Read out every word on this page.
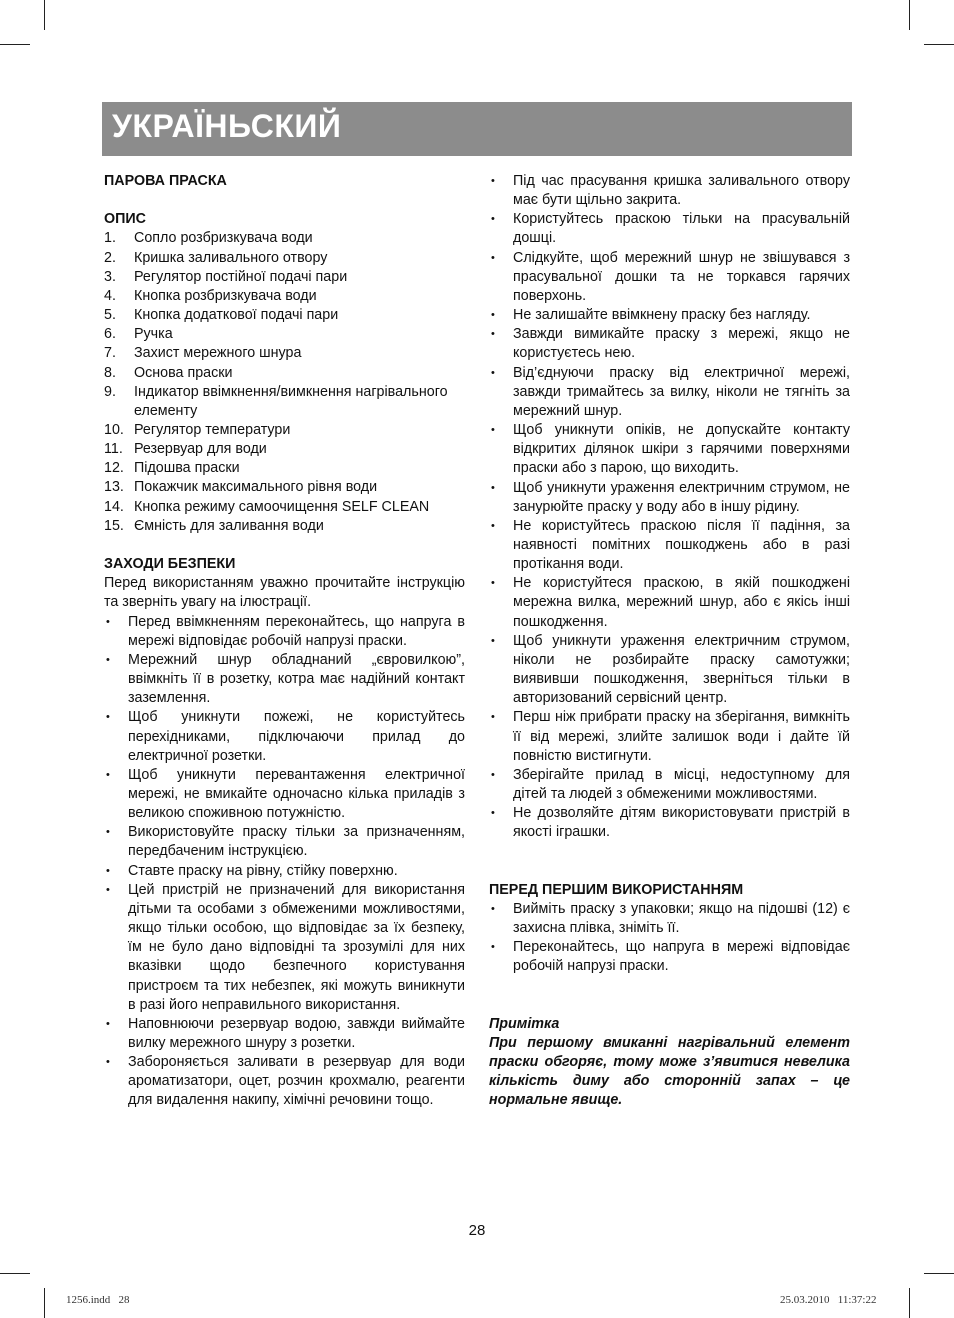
УКРАЇНЬСКИЙ

ПАРОВА ПРАСКА

ОПИС

1. Сопло розбризкувача води
2. Кришка заливального отвору
3. Регулятор постійної подачі пари
4. Кнопка розбризкувача води
5. Кнопка додаткової подачі пари
6. Ручка
7. Захист мережного шнура
8. Основа праски
9. Індикатор ввімкнення/вимкнення нагрівального елементу
10. Регулятор температури
11. Резервуар для води
12. Підошва праски
13. Покажчик максимального рівня води
14. Кнопка режиму самоочищення SELF CLEAN
15. Ємність для заливання води

ЗАХОДИ БЕЗПЕКИ

Перед використанням уважно прочитайте інструкцію та зверніть увагу на ілюстрації.

• Перед ввімкненням переконайтесь, що напруга в мережі відповідає робочій напрузі праски.
• Мережний шнур обладнаний „євровилкою”, ввімкніть її в розетку, котра має надійний контакт заземлення.
• Щоб уникнути пожежі, не користуйтесь перехідниками, підключаючи прилад до електричної розетки.
• Щоб уникнути перевантаження електричної мережі, не вмикайте одночасно кілька приладів з великою споживною потужністю.
• Використовуйте праску тільки за призначенням, передбаченим інструкцією.
• Ставте праску на рівну, стійку поверхню.
• Цей пристрій не призначений для використання дітьми та особами з обмеженими можливостями, якщо тільки особою, що відповідає за їх безпеку, їм не було дано відповідні та зрозумілі для них вказівки щодо безпечного користування пристроєм та тих небезпек, які можуть виникнути в разі його неправильного використання.
• Наповнюючи резервуар водою, завжди виймайте вилку мережного шнуру з розетки.
• Забороняється заливати в резервуар для води ароматизатори, оцет, розчин крохмалю, реагенти для видалення накипу, хімічні речовини тощо.
• Під час прасування кришка заливального отвору має бути щільно закрита.
• Користуйтесь праскою тільки на прасувальній дошці.
• Слідкуйте, щоб мережний шнур не звішувався з прасувальної дошки та не торкався гарячих поверхонь.
• Не залишайте ввімкнену праску без нагляду.
• Завжди вимикайте праску з мережі, якщо не користуєтесь нею.
• Від’єднуючи праску від електричної мережі, завжди тримайтесь за вилку, ніколи не тягніть за мережний шнур.
• Щоб уникнути опіків, не допускайте контакту відкритих ділянок шкіри з гарячими поверхнями праски або з парою, що виходить.
• Щоб уникнути ураження електричним струмом, не занурюйте праску у воду або в іншу рідину.
• Не користуйтесь праскою після її падіння, за наявності помітних пошкоджень або в разі протікання води.
• Не користуйтеся праскою, в якій пошкоджені мережна вилка, мережний шнур, або є якісь інші пошкодження.
• Щоб уникнути ураження електричним струмом, ніколи не розбирайте праску самотужки; виявивши пошкодження, зверніться тільки в авторизований сервісний центр.
• Перш ніж прибрати праску на зберігання, вимкніть її від мережі, злийте залишок води і дайте їй повністю вистигнути.
• Зберігайте прилад в місці, недоступному для дітей та людей з обмеженими можливостями.
• Не дозволяйте дітям використовувати пристрій в якості іграшки.

ПЕРЕД ПЕРШИМ ВИКОРИСТАННЯМ

• Вийміть праску з упаковки; якщо на підошві (12) є захисна плівка, зніміть її.
• Переконайтесь, що напруга в мережі відповідає робочій напрузі праски.

Примітка

При першому вмиканні нагрівальний елемент праски обгоряє, тому може з’явитися невелика кількість диму або сторонній запах – це нормальне явище.

28
1256.indd   28	25.03.2010   11:37:22
